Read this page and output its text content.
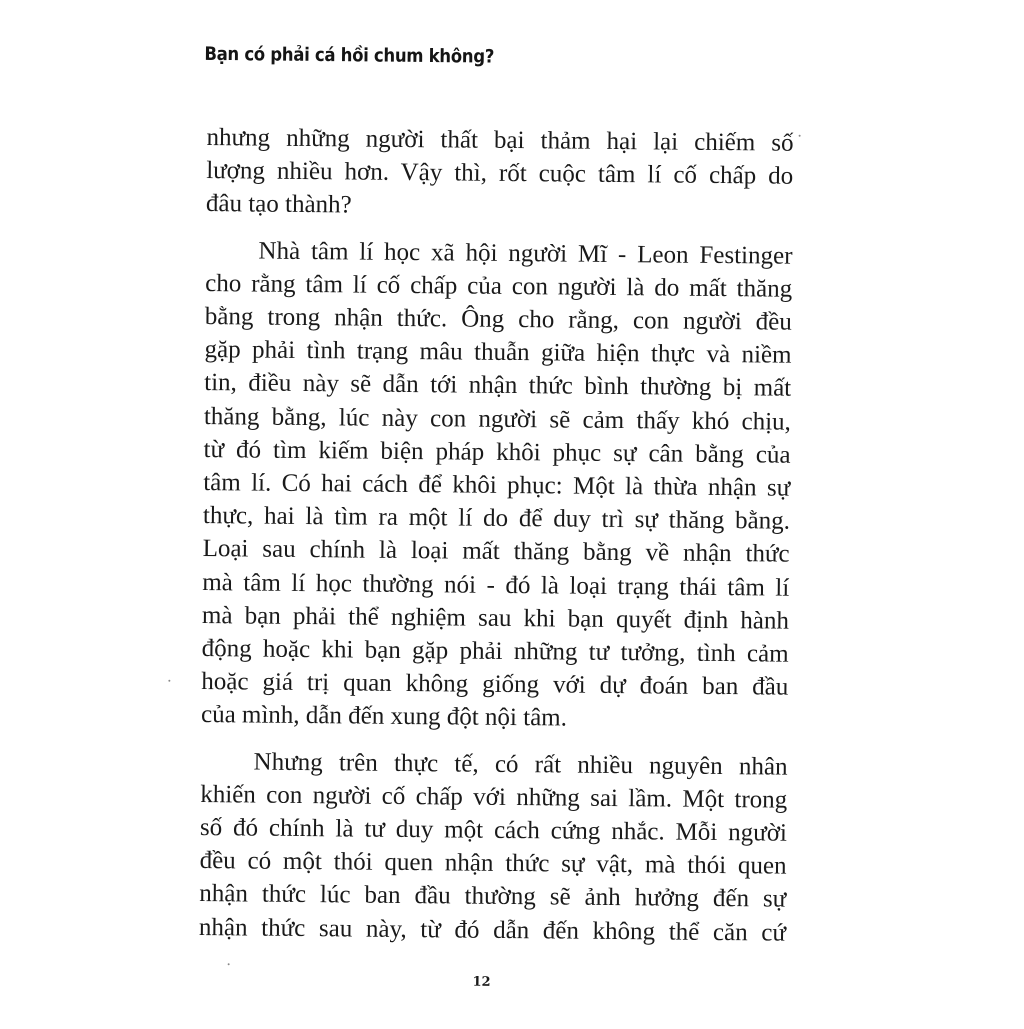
Bạn có phải cá hồi chum không?

nhưng những người thất bại thảm hại lại chiếm số
lượng nhiều hơn. Vậy thì, rốt cuộc tâm lí cố chấp do
đâu tạo thành?

Nhà tâm lí học xã hội người Mĩ - Leon Festinger
cho rằng tâm lí cố chấp của con người là do mất thăng
bằng trong nhận thức. Ông cho rằng, con người đều
gặp phải tình trạng mâu thuẫn giữa hiện thực và niềm
tin, điều này sẽ dẫn tới nhận thức bình thường bị mất
thăng bằng, lúc này con người sẽ cảm thấy khó chịu,
từ đó tìm kiếm biện pháp khôi phục sự cân bằng của
tâm lí. Có hai cách để khôi phục: Một là thừa nhận sự
thực, hai là tìm ra một lí do để duy trì sự thăng bằng.
Loại sau chính là loại mất thăng bằng về nhận thức
mà tâm lí học thường nói - đó là loại trạng thái tâm lí
mà bạn phải thể nghiệm sau khi bạn quyết định hành
động hoặc khi bạn gặp phải những tư tưởng, tình cảm
hoặc giá trị quan không giống với dự đoán ban đầu
của mình, dẫn đến xung đột nội tâm.

Nhưng trên thực tế, có rất nhiều nguyên nhân
khiến con người cố chấp với những sai lầm. Một trong
số đó chính là tư duy một cách cứng nhắc. Mỗi người
đều có một thói quen nhận thức sự vật, mà thói quen
nhận thức lúc ban đầu thường sẽ ảnh hưởng đến sự
nhận thức sau này, từ đó dẫn đến không thể căn cứ

12
